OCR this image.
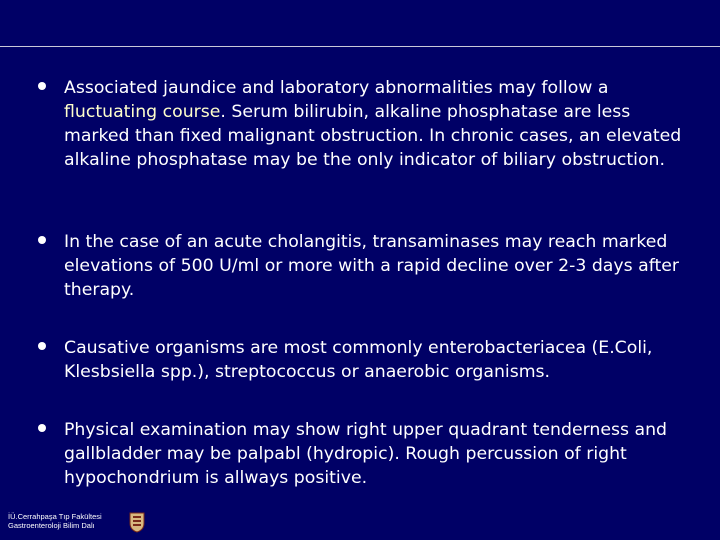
Associated jaundice and laboratory abnormalities may follow a fluctuating course. Serum bilirubin, alkaline phosphatase are less marked than fixed malignant obstruction. In chronic cases, an elevated alkaline phosphatase may be the only indicator of biliary obstruction.

In the case of an acute cholangitis, transaminases may reach marked elevations of 500 U/ml or more with a rapid decline over 2-3 days after therapy.

Causative organisms are most commonly enterobacteriacea (E.Coli, Klesbsiella spp.), streptococcus or anaerobic organisms.

Physical examination may show right upper quadrant tenderness and gallbladder may be palpabl (hydropic). Rough percussion of right hypochondrium is allways positive.

İÜ.Cerrahpaşa Tıp Fakültesi
Gastroenteroloji Bilim Dalı
